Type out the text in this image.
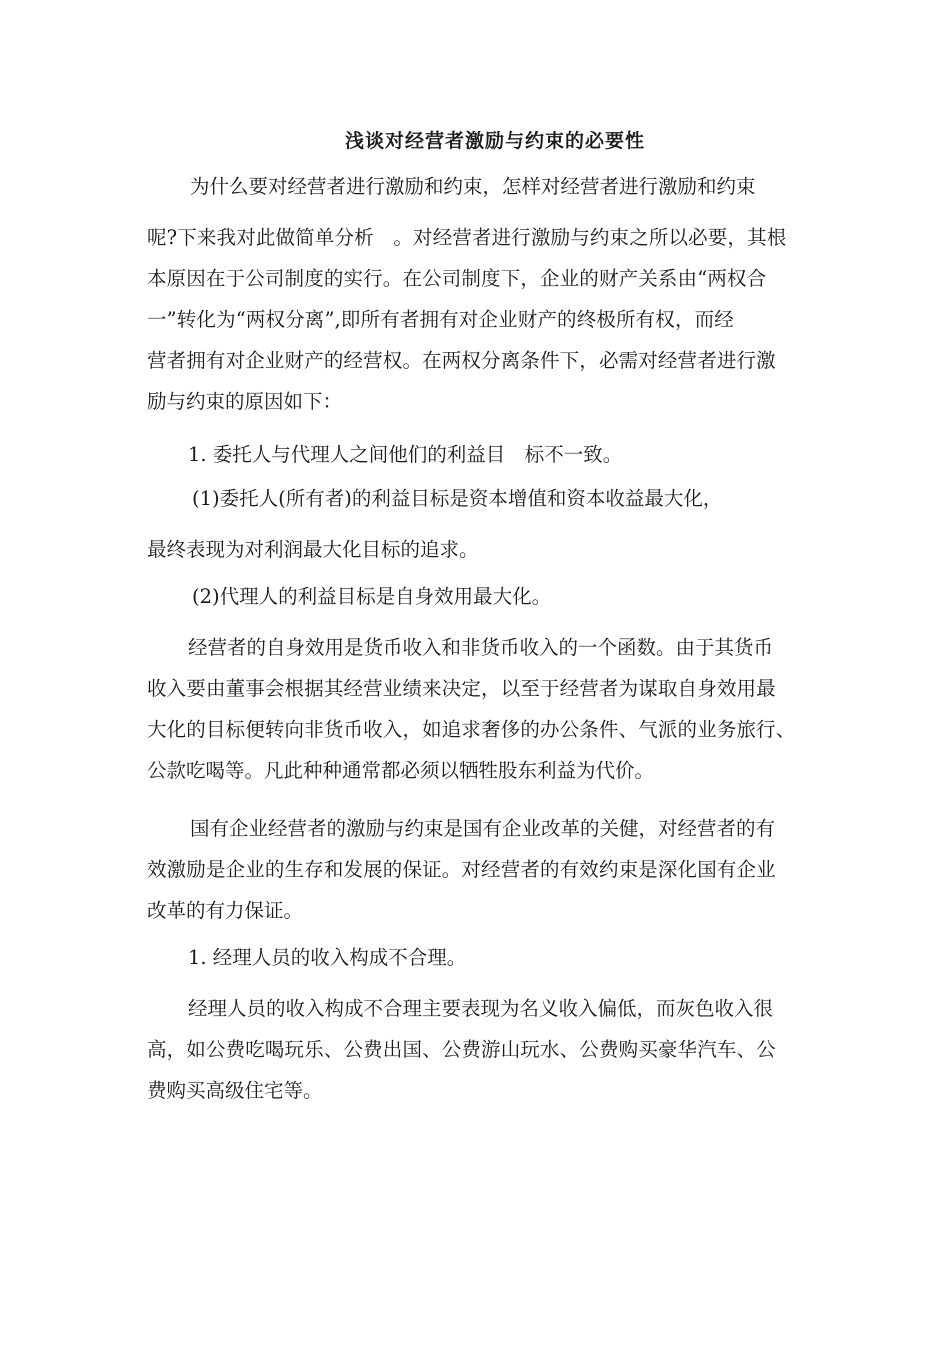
浅谈对经营者激励与约束的必要性
为什么要对经营者进行激励和约束，怎样对经营者进行激励和约束
呢?下来我对此做简单分析　。对经营者进行激励与约束之所以必要，其根
本原因在于公司制度的实行。在公司制度下，企业的财产关系由“两权合
一”转化为“两权分离”,即所有者拥有对企业财产的终极所有权，而经
营者拥有对企业财产的经营权。在两权分离条件下，必需对经营者进行激
励与约束的原因如下：
1. 委托人与代理人之间他们的利益目　标不一致。
(1)委托人(所有者)的利益目标是资本增值和资本收益最大化，
最终表现为对利润最大化目标的追求。
(2)代理人的利益目标是自身效用最大化。
经营者的自身效用是货币收入和非货币收入的一个函数。由于其货币
收入要由董事会根据其经营业绩来决定，以至于经营者为谋取自身效用最
大化的目标便转向非货币收入，如追求奢侈的办公条件、气派的业务旅行、
公款吃喝等。凡此种种通常都必须以牺牲股东利益为代价。
国有企业经营者的激励与约束是国有企业改革的关健，对经营者的有
效激励是企业的生存和发展的保证。对经营者的有效约束是深化国有企业
改革的有力保证。
1. 经理人员的收入构成不合理。
经理人员的收入构成不合理主要表现为名义收入偏低，而灰色收入很
高，如公费吃喝玩乐、公费出国、公费游山玩水、公费购买豪华汽车、公
费购买高级住宅等。
